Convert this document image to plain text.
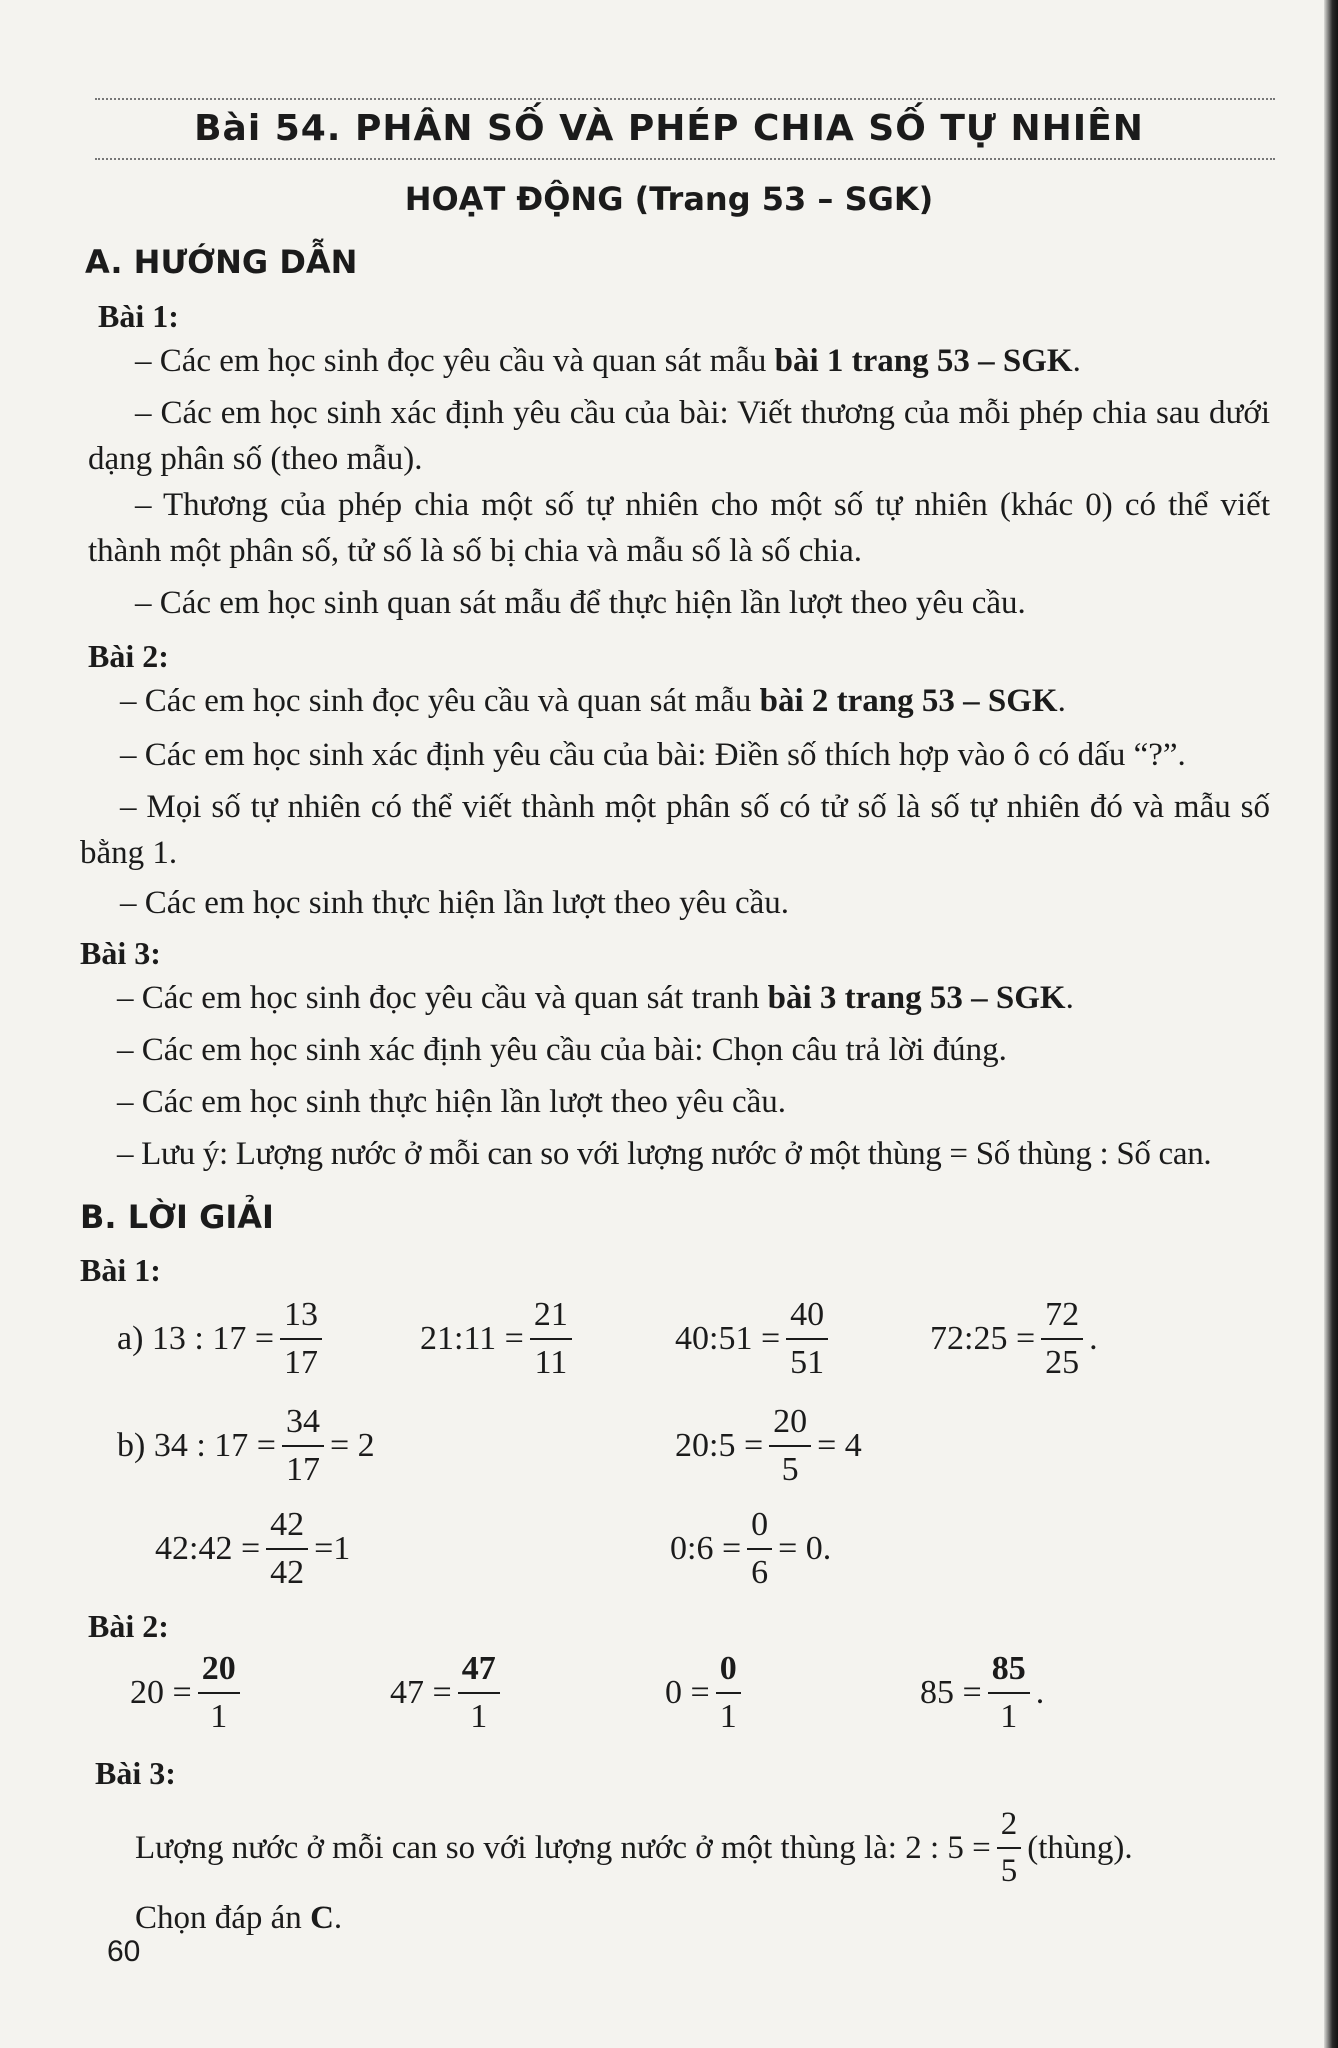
Bài 54. PHÂN SỐ VÀ PHÉP CHIA SỐ TỰ NHIÊN
HOẠT ĐỘNG (Trang 53 – SGK)
A. HƯỚNG DẪN
Bài 1:
– Các em học sinh đọc yêu cầu và quan sát mẫu bài 1 trang 53 – SGK.
– Các em học sinh xác định yêu cầu của bài: Viết thương của mỗi phép chia sau dưới dạng phân số (theo mẫu).
– Thương của phép chia một số tự nhiên cho một số tự nhiên (khác 0) có thể viết thành một phân số, tử số là số bị chia và mẫu số là số chia.
– Các em học sinh quan sát mẫu để thực hiện lần lượt theo yêu cầu.
Bài 2:
– Các em học sinh đọc yêu cầu và quan sát mẫu bài 2 trang 53 – SGK.
– Các em học sinh xác định yêu cầu của bài: Điền số thích hợp vào ô có dấu “?”.
– Mọi số tự nhiên có thể viết thành một phân số có tử số là số tự nhiên đó và mẫu số bằng 1.
– Các em học sinh thực hiện lần lượt theo yêu cầu.
Bài 3:
– Các em học sinh đọc yêu cầu và quan sát tranh bài 3 trang 53 – SGK.
– Các em học sinh xác định yêu cầu của bài: Chọn câu trả lời đúng.
– Các em học sinh thực hiện lần lượt theo yêu cầu.
– Lưu ý: Lượng nước ở mỗi can so với lượng nước ở một thùng = Số thùng : Số can.
B. LỜI GIẢI
Bài 1:
a)
13 : $17 = \frac{13}{17}$	21:11 = $\frac{21}{11}$	40:51 = $\frac{40}{51}$	72:25 = $\frac{72}{25}$ .
b)
34 : $17 = \frac{34}{17} = 2$	20:5 = $\frac{20}{5} = 4$
42:42 = $\frac{42}{42} =1$	0:6 = $\frac{0}{6} = 0$.
Bài 2:
$20 = \frac{20}{1}$	$47 = \frac{47}{1}$	$0 = \frac{0}{1}$	$85 = \frac{85}{1}$ .
Bài 3:
Lượng nước ở mỗi can so với lượng nước ở một thùng là: 2 : $5 = \frac{2}{5}$ (thùng).
Chọn đáp án C.
60
